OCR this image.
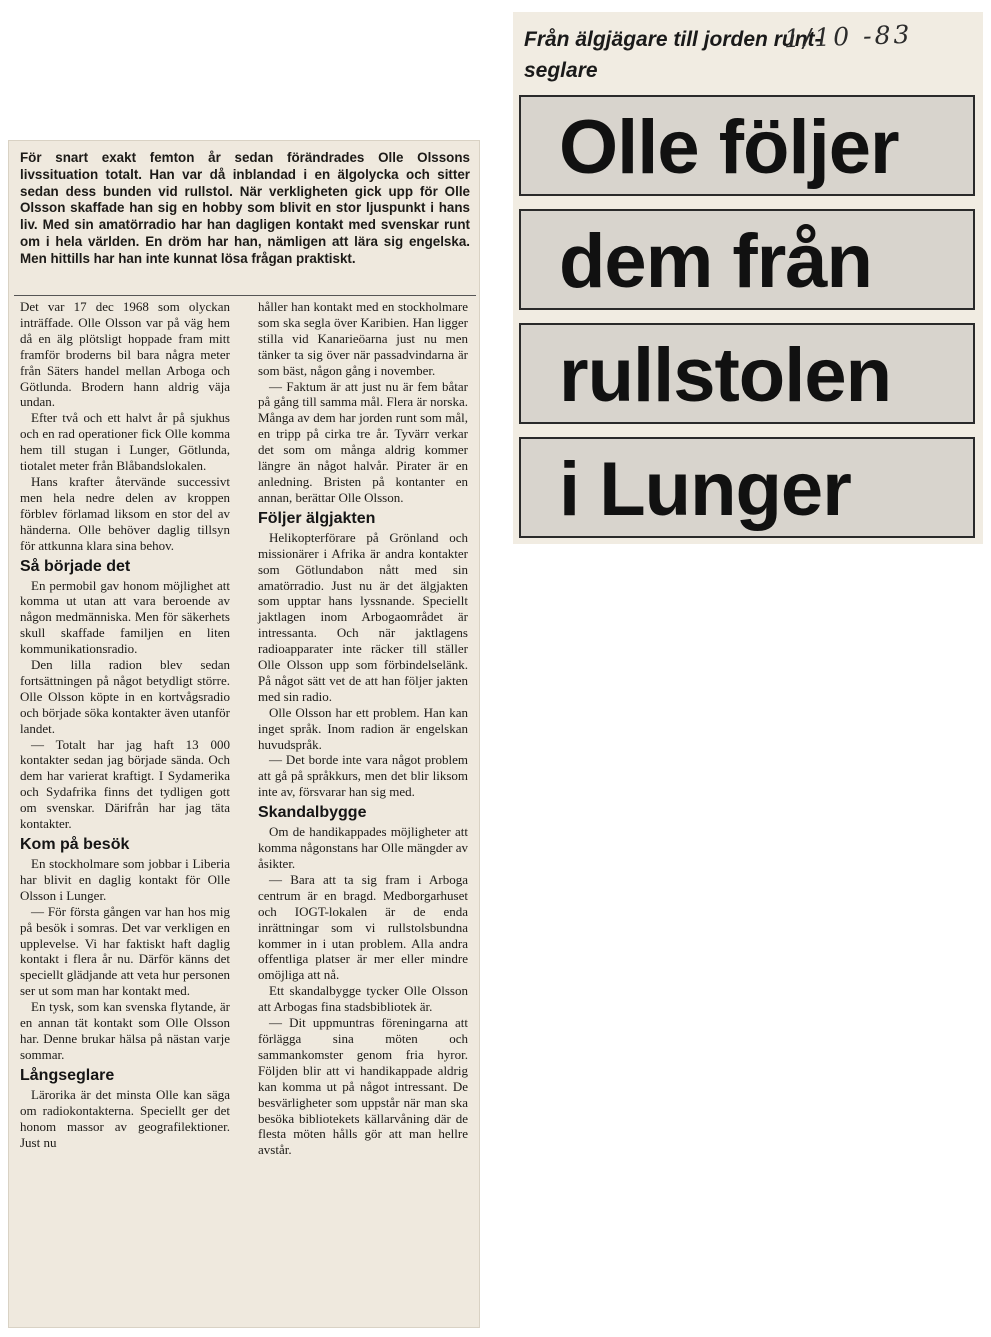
Från älgjägare till jorden runt-seglare
1/10 -83
Olle följer
dem från
rullstolen
i Lunger

För snart exakt femton år sedan förändrades Olle Olssons livssituation totalt. Han var då inblandad i en älgolycka och sitter sedan dess bunden vid rullstol. När verkligheten gick upp för Olle Olsson skaffade han sig en hobby som blivit en stor ljuspunkt i hans liv. Med sin amatörradio har han dagligen kontakt med svenskar runt om i hela världen. En dröm har han, nämligen att lära sig engelska. Men hittills har han inte kunnat lösa frågan praktiskt.

Det var 17 dec 1968 som olyckan inträffade. Olle Olsson var på väg hem då en älg plötsligt hoppade fram mitt framför broderns bil bara några meter från Säters handel mellan Arboga och Götlunda. Brodern hann aldrig väja undan.

Efter två och ett halvt år på sjukhus och en rad operationer fick Olle komma hem till stugan i Lunger, Götlunda, tiotalet meter från Blåbandslokalen.

Hans krafter återvände successivt men hela nedre delen av kroppen förblev förlamad liksom en stor del av händerna. Olle behöver daglig tillsyn för attkunna klara sina behov.

Så började det

En permobil gav honom möjlighet att komma ut utan att vara beroende av någon medmänniska. Men för säkerhets skull skaffade familjen en liten kommunikationsradio.

Den lilla radion blev sedan fortsättningen på något betydligt större. Olle Olsson köpte in en kortvågsradio och började söka kontakter även utanför landet.

— Totalt har jag haft 13 000 kontakter sedan jag började sända. Och dem har varierat kraftigt. I Sydamerika och Sydafrika finns det tydligen gott om svenskar. Därifrån har jag täta kontakter.

Kom på besök

En stockholmare som jobbar i Liberia har blivit en daglig kontakt för Olle Olsson i Lunger.

— För första gången var han hos mig på besök i somras. Det var verkligen en upplevelse. Vi har faktiskt haft daglig kontakt i flera år nu. Därför känns det speciellt glädjande att veta hur personen ser ut som man har kontakt med.

En tysk, som kan svenska flytande, är en annan tät kontakt som Olle Olsson har. Denne brukar hälsa på nästan varje sommar.

Långseglare

Lärorika är det minsta Olle kan säga om radiokontakterna. Speciellt ger det honom massor av geografilektioner. Just nu

håller han kontakt med en stockholmare som ska segla över Karibien. Han ligger stilla vid Kanarieöarna just nu men tänker ta sig över när passadvindarna är som bäst, någon gång i november.

— Faktum är att just nu är fem båtar på gång till samma mål. Flera är norska. Många av dem har jorden runt som mål, en tripp på cirka tre år. Tyvärr verkar det som om många aldrig kommer längre än något halvår. Pirater är en anledning. Bristen på kontanter en annan, berättar Olle Olsson.

Följer älgjakten

Helikopterförare på Grönland och missionärer i Afrika är andra kontakter som Götlundabon nått med sin amatörradio. Just nu är det älgjakten som upptar hans lyssnande. Speciellt jaktlagen inom Arbogaområdet är intressanta. Och när jaktlagens radioapparater inte räcker till ställer Olle Olsson upp som förbindelselänk. På något sätt vet de att han följer jakten med sin radio.

Olle Olsson har ett problem. Han kan inget språk. Inom radion är engelskan huvudspråk.

— Det borde inte vara något problem att gå på språkkurs, men det blir liksom inte av, försvarar han sig med.

Skandalbygge

Om de handikappades möjligheter att komma någonstans har Olle mängder av åsikter.

— Bara att ta sig fram i Arboga centrum är en bragd. Medborgarhuset och IOGT-lokalen är de enda inrättningar som vi rullstolsbundna kommer in i utan problem. Alla andra offentliga platser är mer eller mindre omöjliga att nå.

Ett skandalbygge tycker Olle Olsson att Arbogas fina stadsbibliotek är.

— Dit uppmuntras föreningarna att förlägga sina möten och sammankomster genom fria hyror. Följden blir att vi handikappade aldrig kan komma ut på något intressant. De besvärligheter som uppstår när man ska besöka bibliotekets källarvåning där de flesta möten hålls gör att man hellre avstår.
